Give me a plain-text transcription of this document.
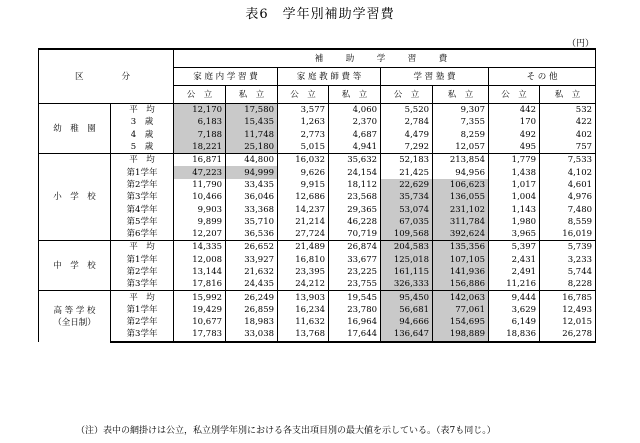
表6　学年別補助学習費
（円）
区　　分		補　助　学　習　費							
		家 庭 内 学 習 費		家 庭 教 師 費 等		学 習 塾 費		そ の 他	
		公　立	私　立	公　立	私　立	公　立	私　立	公　立	私　立

幼　稚　園	平　均	12,170	17,580	3,577	4,060	5,520	9,307	442	532
	3　歳	6,183	15,435	1,263	2,370	2,784	7,355	170	422
	4　歳	7,188	11,748	2,773	4,687	4,479	8,259	492	402
	5　歳	18,221	25,180	5,015	4,941	7,292	12,057	495	757

小　学　校	平　均	16,871	44,800	16,032	35,632	52,183	213,854	1,779	7,533
	第1学年	47,223	94,999	9,626	24,154	21,425	94,956	1,438	4,102
	第2学年	11,790	33,435	9,915	18,112	22,629	106,623	1,017	4,601
	第3学年	10,466	36,046	12,686	23,568	35,734	136,055	1,004	4,976
	第4学年	9,903	33,368	14,237	29,365	53,074	231,102	1,143	7,480
	第5学年	9,899	35,710	21,214	46,228	67,035	311,784	1,980	8,559
	第6学年	12,207	36,536	27,724	70,719	109,568	392,624	3,965	16,019

中　学　校	平　均	14,335	26,652	21,489	26,874	204,583	135,356	5,397	5,739
	第1学年	12,008	33,927	16,810	33,677	125,018	107,105	2,431	3,233
	第2学年	13,144	21,632	23,395	23,225	161,115	141,936	2,491	5,744
	第3学年	17,816	24,435	24,212	23,755	326,333	156,886	11,216	8,228

高 等 学 校
（全日制）	平　均	15,992	26,249	13,903	19,545	95,450	142,063	9,444	16,785
	第1学年	19,429	26,859	16,234	23,780	56,681	77,061	3,629	12,493
	第2学年	10,677	18,983	11,632	16,964	94,666	154,695	6,149	12,015
	第3学年	17,783	33,038	13,768	17,644	136,647	198,889	18,836	26,278
（注）表中の網掛けは公立，私立別学年別における各支出項目別の最大値を示している。（表7も同じ。）
